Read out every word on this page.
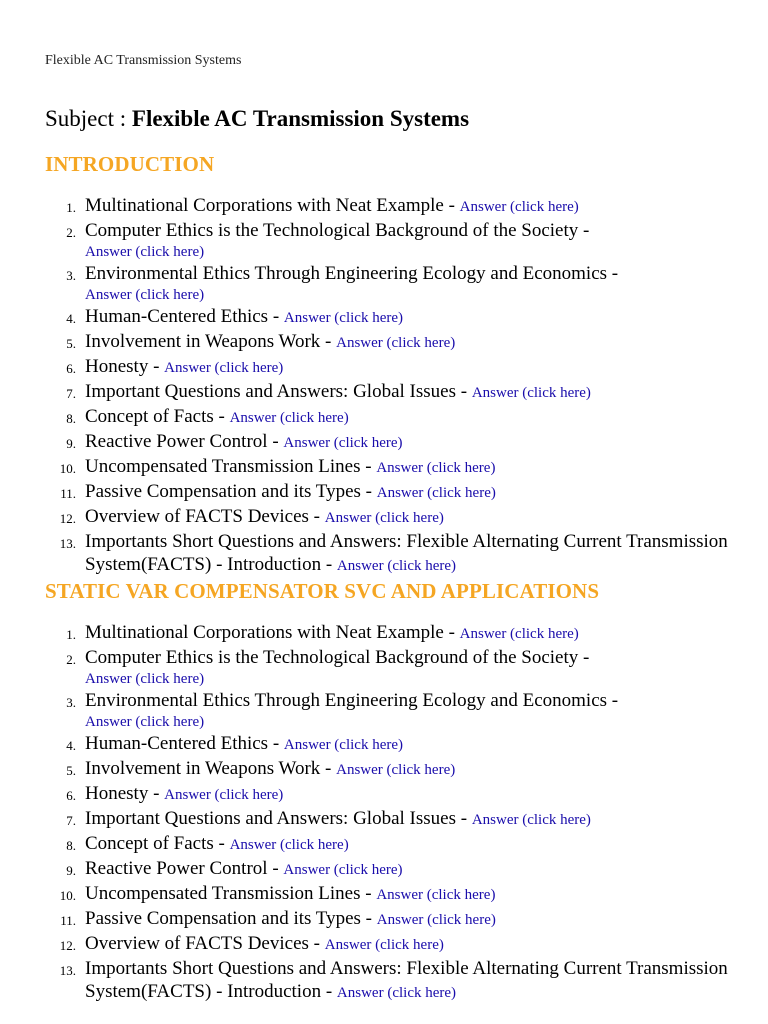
Flexible AC Transmission Systems
Subject : Flexible AC Transmission Systems
INTRODUCTION
1. Multinational Corporations with Neat Example - Answer (click here)
2. Computer Ethics is the Technological Background of the Society -
Answer (click here)
3. Environmental Ethics Through Engineering Ecology and Economics -
Answer (click here)
4. Human-Centered Ethics - Answer (click here)
5. Involvement in Weapons Work - Answer (click here)
6. Honesty - Answer (click here)
7. Important Questions and Answers: Global Issues - Answer (click here)
8. Concept of Facts - Answer (click here)
9. Reactive Power Control - Answer (click here)
10. Uncompensated Transmission Lines - Answer (click here)
11. Passive Compensation and its Types - Answer (click here)
12. Overview of FACTS Devices - Answer (click here)
13. Importants Short Questions and Answers: Flexible Alternating Current Transmission System(FACTS) - Introduction - Answer (click here)
STATIC VAR COMPENSATOR SVC AND APPLICATIONS
1. Multinational Corporations with Neat Example - Answer (click here)
2. Computer Ethics is the Technological Background of the Society -
Answer (click here)
3. Environmental Ethics Through Engineering Ecology and Economics -
Answer (click here)
4. Human-Centered Ethics - Answer (click here)
5. Involvement in Weapons Work - Answer (click here)
6. Honesty - Answer (click here)
7. Important Questions and Answers: Global Issues - Answer (click here)
8. Concept of Facts - Answer (click here)
9. Reactive Power Control - Answer (click here)
10. Uncompensated Transmission Lines - Answer (click here)
11. Passive Compensation and its Types - Answer (click here)
12. Overview of FACTS Devices - Answer (click here)
13. Importants Short Questions and Answers: Flexible Alternating Current Transmission System(FACTS) - Introduction - Answer (click here)
